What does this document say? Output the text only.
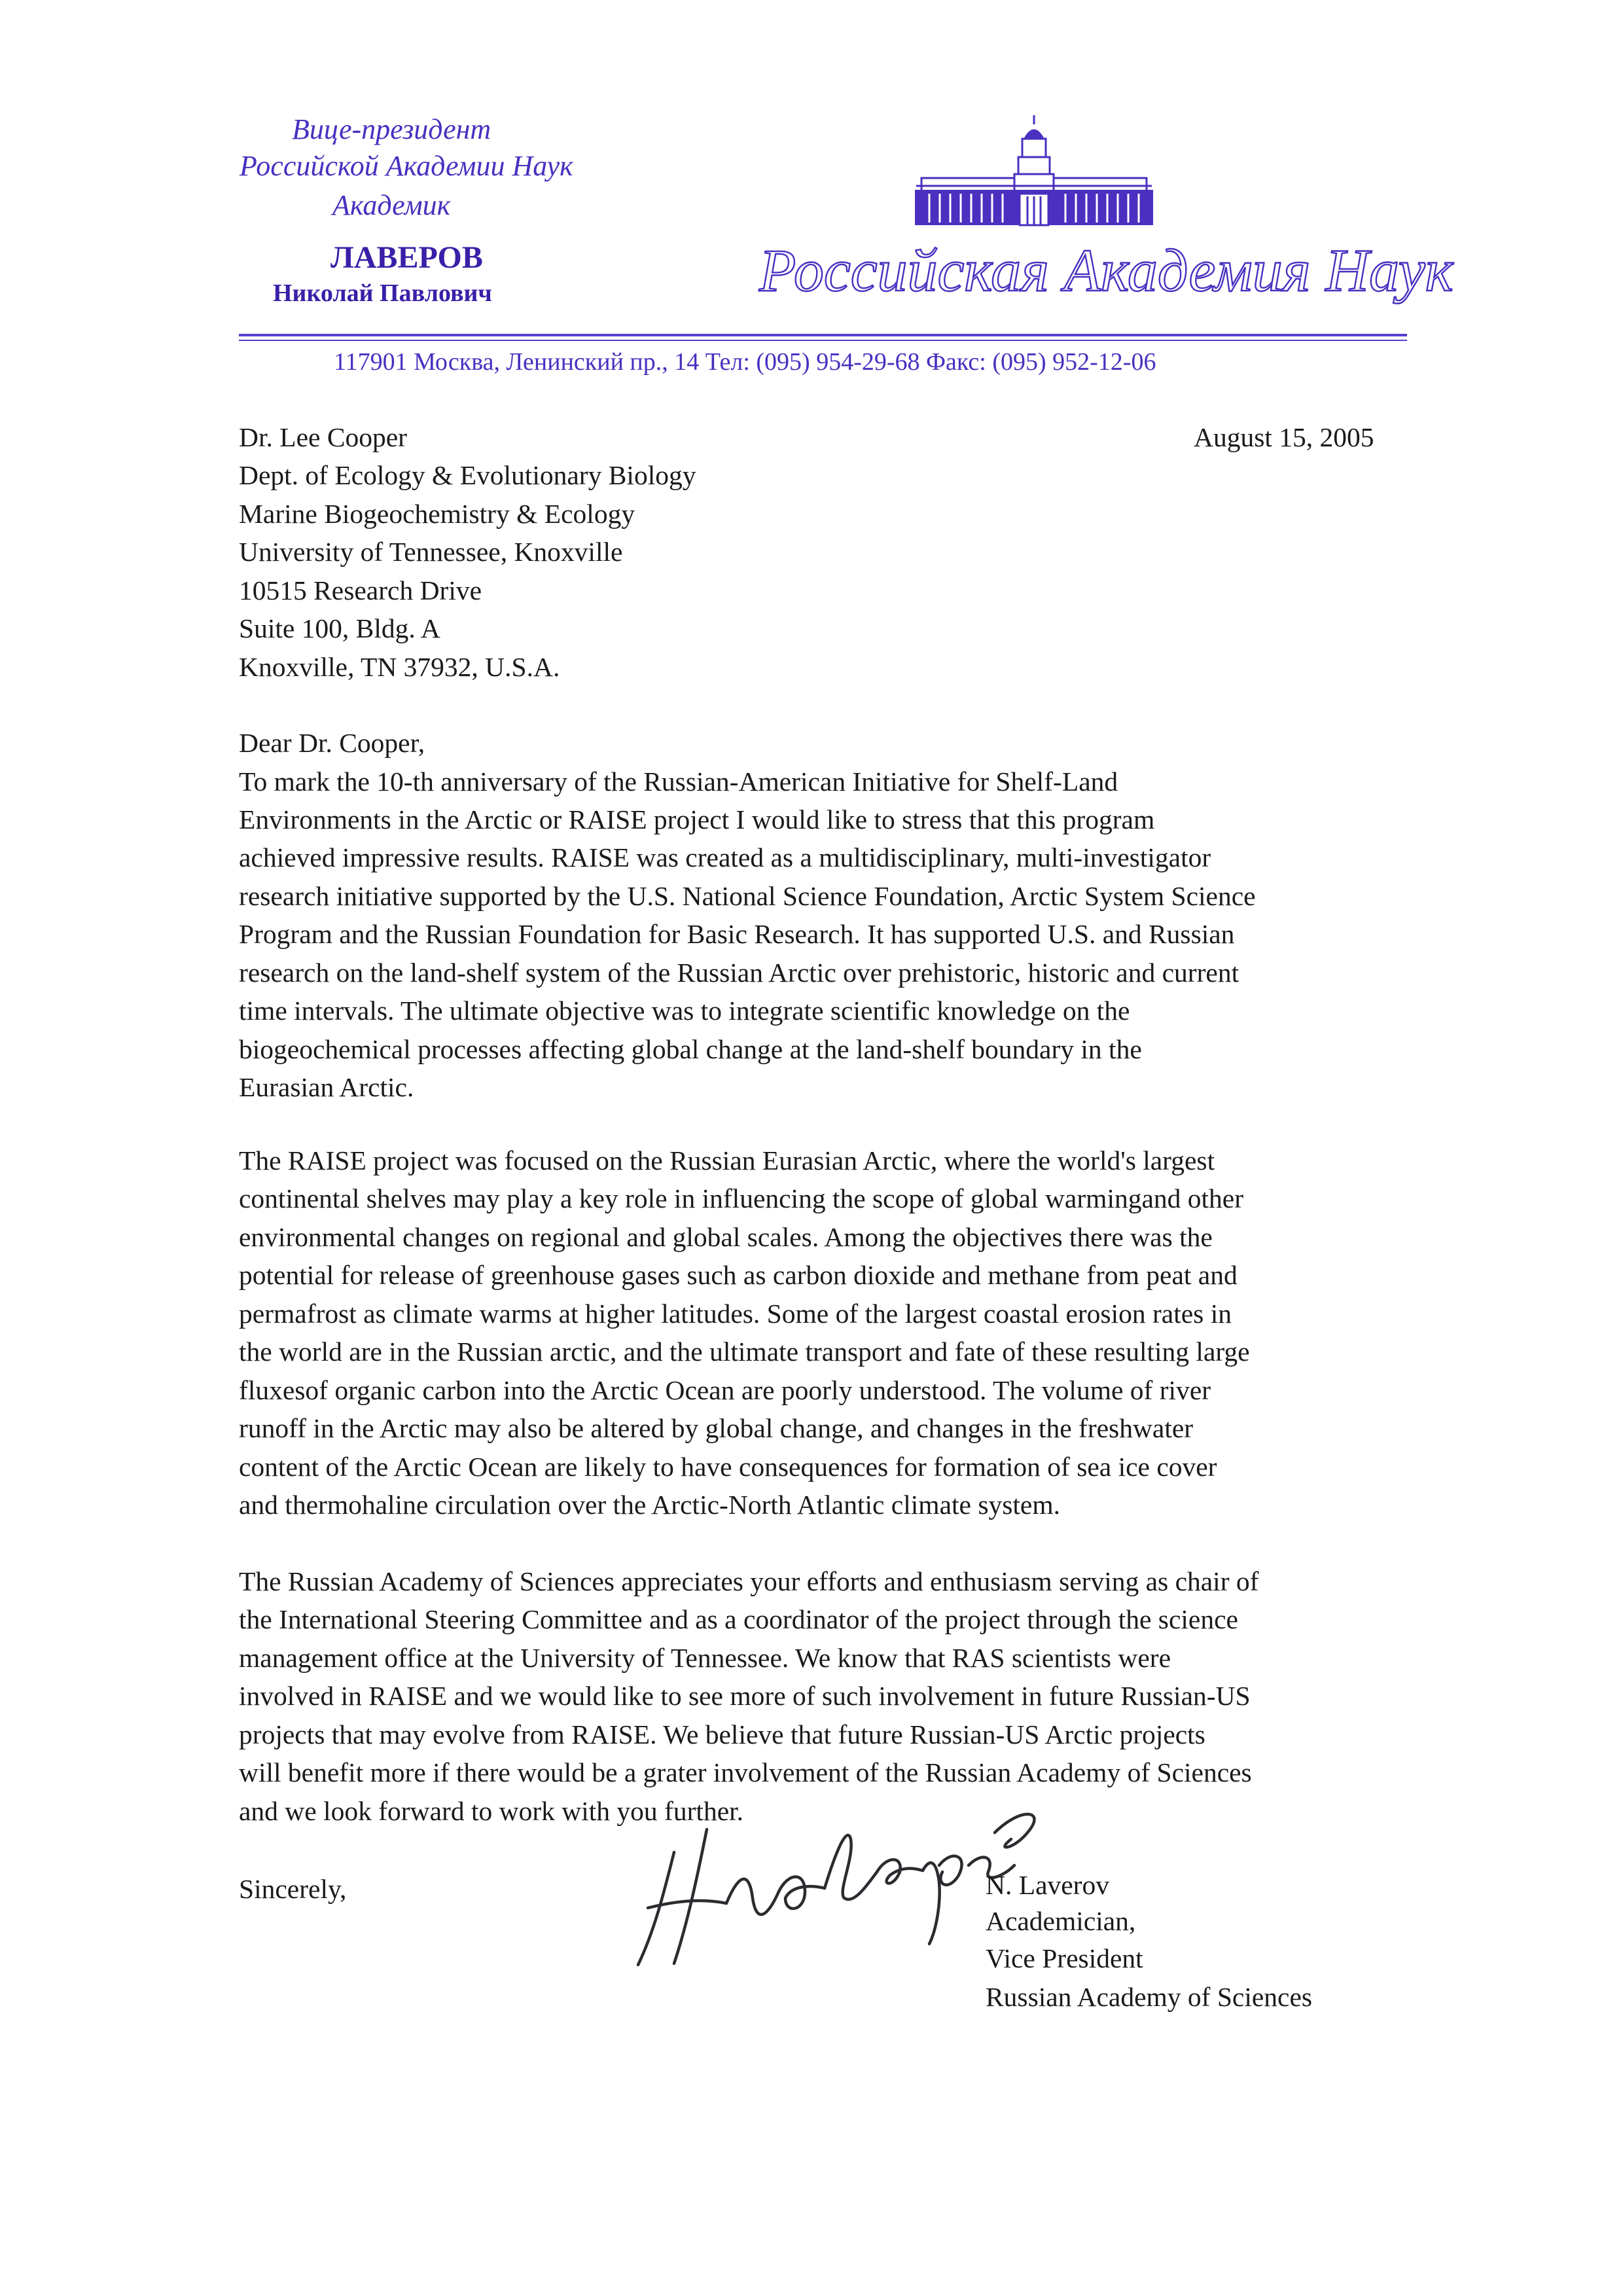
Вице-президент
Российской Академии Наук
Академик
ЛАВЕРОВ
Николай Павлович	Российская Академия Наук
117901 Москва, Ленинский пр., 14 Тел: (095) 954-29-68 Факс: (095) 952-12-06
August 15, 2005
Dr. Lee Cooper
Dept. of Ecology & Evolutionary Biology
Marine Biogeochemistry & Ecology
University of Tennessee, Knoxville
10515 Research Drive
Suite 100, Bldg. A
Knoxville, TN 37932, U.S.A.
Dear Dr. Cooper,
To mark the 10-th anniversary of the Russian-American Initiative for Shelf-Land
Environments in the Arctic or RAISE project I would like to stress that this program
achieved impressive results. RAISE was created as a multidisciplinary, multi-investigator
research initiative supported by the U.S. National Science Foundation, Arctic System Science
Program and the Russian Foundation for Basic Research. It has supported U.S. and Russian
research on the land-shelf system of the Russian Arctic over prehistoric, historic and current
time intervals. The ultimate objective was to integrate scientific knowledge on the
biogeochemical processes affecting global change at the land-shelf boundary in the
Eurasian Arctic.
The RAISE project was focused on the Russian Eurasian Arctic, where the world's largest
continental shelves may play a key role in influencing the scope of global warmingand other
environmental changes on regional and global scales. Among the objectives there was the
potential for release of greenhouse gases such as carbon dioxide and methane from peat and
permafrost as climate warms at higher latitudes. Some of the largest coastal erosion rates in
the world are in the Russian arctic, and the ultimate transport and fate of these resulting large
fluxesof organic carbon into the Arctic Ocean are poorly understood. The volume of river
runoff in the Arctic may also be altered by global change, and changes in the freshwater
content of the Arctic Ocean are likely to have consequences for formation of sea ice cover
and thermohaline circulation over the Arctic-North Atlantic climate system.
The Russian Academy of Sciences appreciates your efforts and enthusiasm serving as chair of
the International Steering Committee and as a coordinator of the project through the science
management office at the University of Tennessee. We know that RAS scientists were
involved in RAISE and we would like to see more of such involvement in future Russian-US
projects that may evolve from RAISE. We believe that future Russian-US Arctic projects
will benefit more if there would be a grater involvement of the Russian Academy of Sciences
and we look forward to work with you further.
Sincerely,	N. Laverov
Academician,
Vice President
Russian Academy of Sciences
